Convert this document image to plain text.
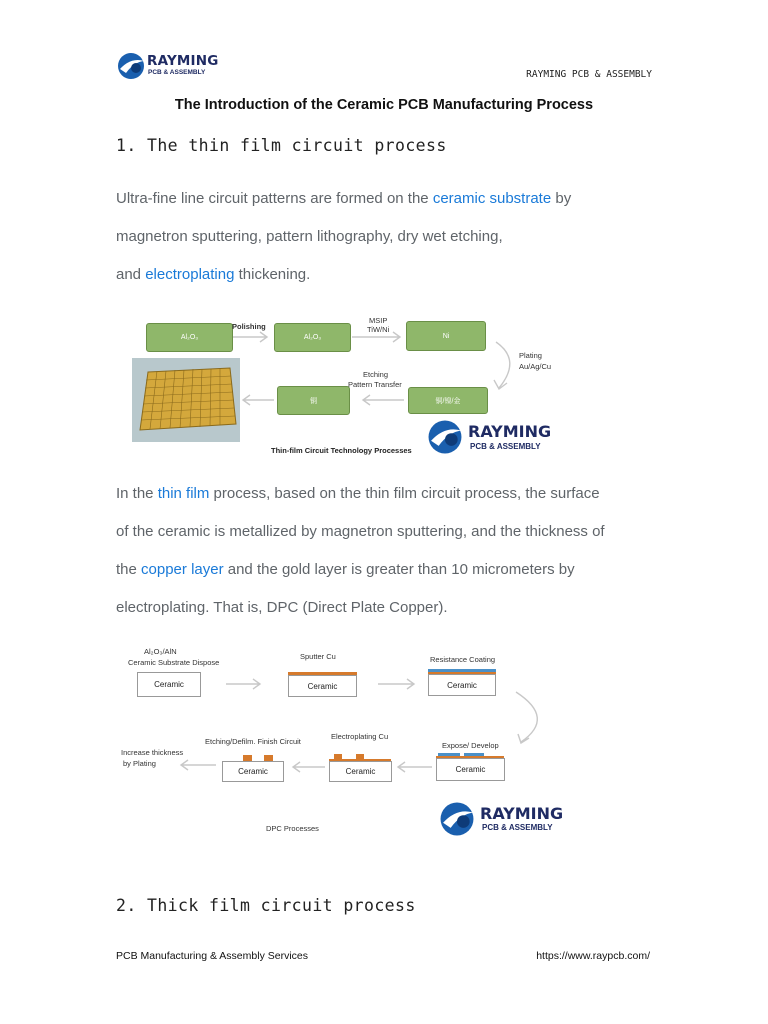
RAYMING
PCB & ASSEMBLY	RAYMING PCB & ASSEMBLY
The Introduction of the Ceramic PCB Manufacturing Process
1. The thin film circuit process
Ultra-fine line circuit patterns are formed on the ceramic substrate by
magnetron sputtering, pattern lithography, dry wet etching,
and electroplating thickening.
Al₂O₃	Al₂O₃	Ni
铜/镍/金
铜
Polishing
MSIP
TiW/Ni
Plating
Au/Ag/Cu
Etching
Pattern Transfer
Thin-film Circuit Technology Processes
RAYMING
PCB & ASSEMBLY
In the thin film process, based on the thin film circuit process, the surface
of the ceramic is metallized by magnetron sputtering, and the thickness of
the copper layer and the gold layer is greater than 10 micrometers by
electroplating. That is, DPC (Direct Plate Copper).
Ceramic	Ceramic	Ceramic
Ceramic
Ceramic
Ceramic
Al₂O₃/AlN
Ceramic Substrate Dispose
Sputter Cu	Resistance Coating
Expose/ Develop
Electroplating Cu
Etching/Defilm. Finish Circuit
Increase thickness
by Plating
DPC Processes
RAYMING
PCB & ASSEMBLY
2. Thick film circuit process
PCB Manufacturing & Assembly Services	https://www.raypcb.com/
